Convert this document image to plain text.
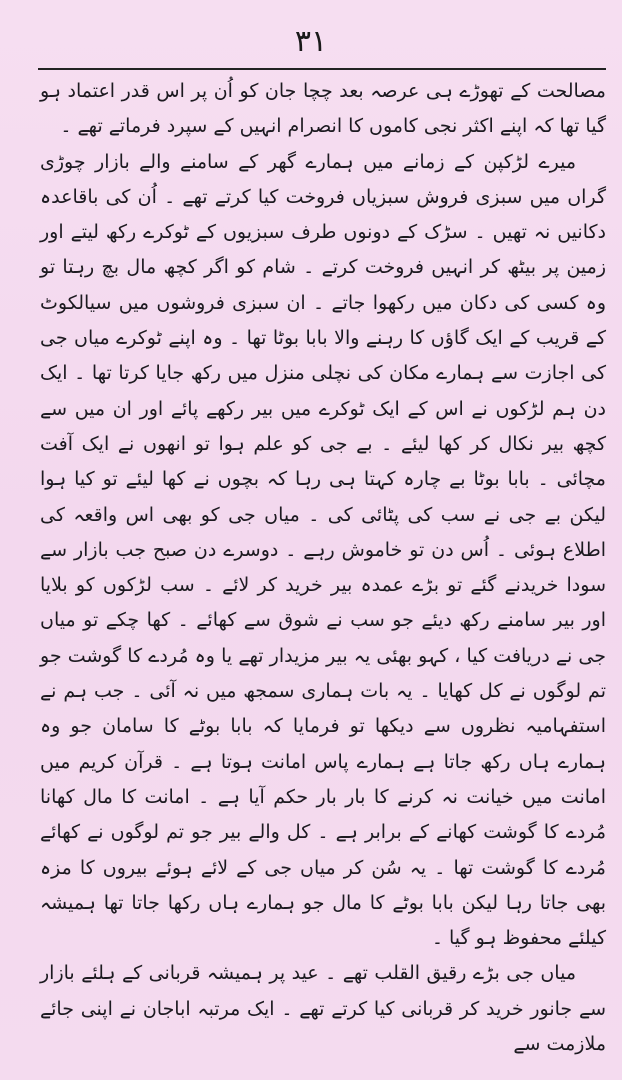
۳۱

مصالحت کے تھوڑے ہی عرصہ بعد چچا جان کو اُن پر اس قدر اعتماد ہو گیا تھا کہ اپنے اکثر نجی کاموں کا انصرام انہیں کے سپرد فرماتے تھے ۔

میرے لڑکپن کے زمانے میں ہمارے گھر کے سامنے والے بازار چوڑی گراں میں سبزی فروش سبزیاں فروخت کیا کرتے تھے ۔ اُن کی باقاعدہ دکانیں نہ تھیں ۔ سڑک کے دونوں طرف سبزیوں کے ٹوکرے رکھ لیتے اور زمین پر بیٹھ کر انہیں فروخت کرتے ۔ شام کو اگر کچھ مال بچ رہتا تو وہ کسی کی دکان میں رکھوا جاتے ۔ ان سبزی فروشوں میں سیالکوٹ کے قریب کے ایک گاؤں کا رہنے والا بابا بوٹا تھا ۔ وہ اپنے ٹوکرے میاں جی کی اجازت سے ہمارے مکان کی نچلی منزل میں رکھ جایا کرتا تھا ۔ ایک دن ہم لڑکوں نے اس کے ایک ٹوکرے میں بیر رکھے پائے اور ان میں سے کچھ بیر نکال کر کھا لیئے ۔ بے جی کو علم ہوا تو انھوں نے ایک آفت مچائی ۔ بابا بوٹا بے چارہ کہتا ہی رہا کہ بچوں نے کھا لیئے تو کیا ہوا لیکن بے جی نے سب کی پٹائی کی ۔ میاں جی کو بھی اس واقعہ کی اطلاع ہوئی ۔ اُس دن تو خاموش رہے ۔ دوسرے دن صبح جب بازار سے سودا خریدنے گئے تو بڑے عمدہ بیر خرید کر لائے ۔ سب لڑکوں کو بلایا اور بیر سامنے رکھ دیئے جو سب نے شوق سے کھائے ۔ کھا چکے تو میاں جی نے دریافت کیا ، کہو بھئی یہ بیر مزیدار تھے یا وہ مُردے کا گوشت جو تم لوگوں نے کل کھایا ۔ یہ بات ہماری سمجھ میں نہ آئی ۔ جب ہم نے استفہامیہ نظروں سے دیکھا تو فرمایا کہ بابا بوٹے کا سامان جو وہ ہمارے ہاں رکھ جاتا ہے ہمارے پاس امانت ہوتا ہے ۔ قرآن کریم میں امانت میں خیانت نہ کرنے کا بار بار حکم آیا ہے ۔ امانت کا مال کھانا مُردے کا گوشت کھانے کے برابر ہے ۔ کل والے بیر جو تم لوگوں نے کھائے مُردے کا گوشت تھا ۔ یہ سُن کر میاں جی کے لائے ہوئے بیروں کا مزہ بھی جاتا رہا لیکن بابا بوٹے کا مال جو ہمارے ہاں رکھا جاتا تھا ہمیشہ کیلئے محفوظ ہو گیا ۔

میاں جی بڑے رقیق القلب تھے ۔ عید پر ہمیشہ قربانی کے ہلئے بازار سے جانور خرید کر قربانی کیا کرتے تھے ۔ ایک مرتبہ اباجان نے اپنی جائے ملازمت سے
